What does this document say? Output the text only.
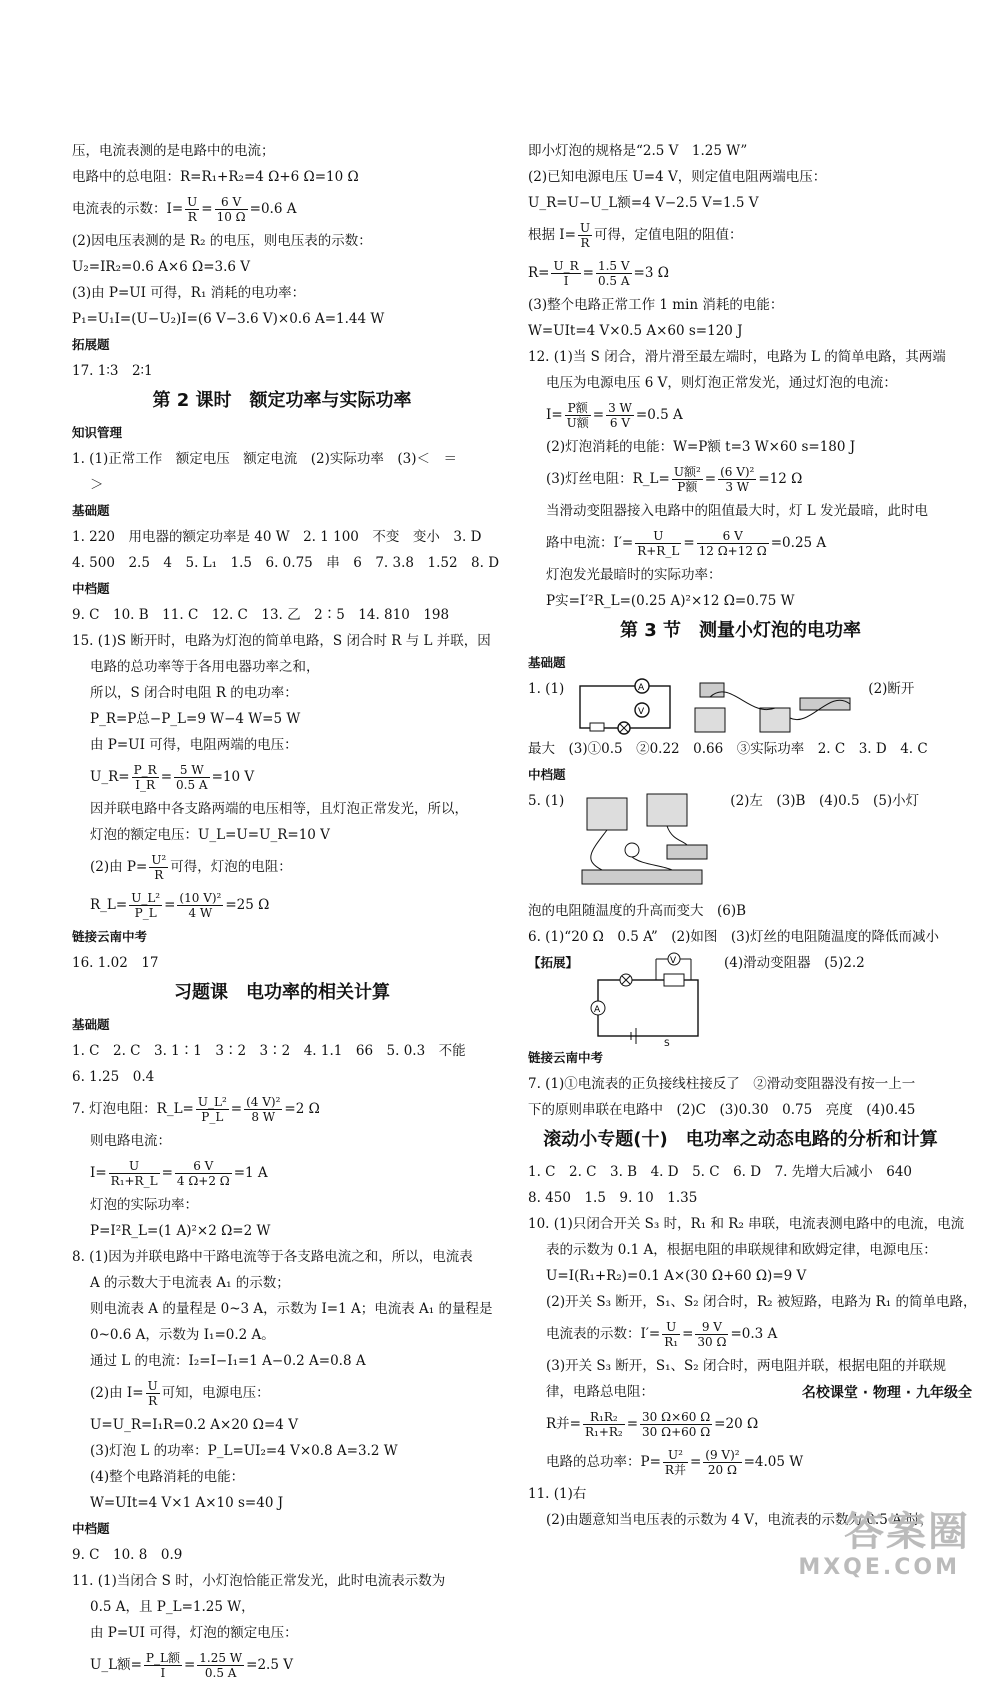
压，电流表测的是电路中的电流；
电路中的总电阻：R=R₁+R₂=4 Ω+6 Ω=10 Ω
电流表的示数：$I= \frac{U}{R} = \frac{6 V}{10 \Omega} =0.6$ A
(2)因电压表测的是 R₂ 的电压，则电压表的示数：
U₂=IR₂=0.6 A×6 Ω=3.6 V
(3)由 P=UI 可得，R₁ 消耗的电功率：
P₁=U₁I=(U−U₂)I=(6 V−3.6 V)×0.6 A=1.44 W
拓展题
17. 1∶3　2∶1
第 2 课时　额定功率与实际功率
知识管理
1. (1)正常工作　额定电压　额定电流　(2)实际功率　(3)＜　＝
＞
基础题
1. 220　用电器的额定功率是 40 W　2. 1 100　不变　变小　3. D
4. 500　2.5　4　5. L₁　1.5　6. 0.75　串　6　7. 3.8　1.52　8. D
中档题
9. C　10. B　11. C　12. C　13. 乙　2∶5　14. 810　198
15. (1)S 断开时，电路为灯泡的简单电路，S 闭合时 R 与 L 并联，因
电路的总功率等于各用电器功率之和，
所以，S 闭合时电阻 R 的电功率：
P_R=P总−P_L=9 W−4 W=5 W
由 P=UI 可得，电阻两端的电压：
U_R= $\frac{P\_R}{I\_R} = \frac{5 W}{0.5 A} =10$ V
因并联电路中各支路两端的电压相等，且灯泡正常发光，所以，
灯泡的额定电压：U_L=U=U_R=10 V
(2)由 $P= \frac{\text{U²}}{R}$ 可得，灯泡的电阻：
R_L= $\frac{\text{U\_L²}}{P\_L} = \frac{\text{(10 V)²}}{4 W} =25$ Ω
链接云南中考
16. 1.02　17
习题课　电功率的相关计算
基础题
1. C　2. C　3. 1∶1　3∶2　3∶2　4. 1.1　66　5. 0.3　不能
6. 1.25　0.4
7. 灯泡电阻：R_L= $\frac{\text{U\_L²}}{P\_L} = \frac{\text{(4 V)²}}{8 W} =2$ Ω
则电路电流：
$I= \frac{U}{\text{R₁+R\_L}} = \frac{6 V}{4 \Omega+2 \Omega} =1$ A
灯泡的实际功率：
P=I²R_L=(1 A)²×2 Ω=2 W
8. (1)因为并联电路中干路电流等于各支路电流之和，所以，电流表
A 的示数大于电流表 A₁ 的示数；
则电流表 A 的量程是 0~3 A，示数为 I=1 A；电流表 A₁ 的量程是
0~0.6 A，示数为 I₁=0.2 A。
通过 L 的电流：I₂=I−I₁=1 A−0.2 A=0.8 A
(2)由 $I= \frac{U}{R}$ 可知，电源电压：
U=U_R=I₁R=0.2 A×20 Ω=4 V
(3)灯泡 L 的功率：P_L=UI₂=4 V×0.8 A=3.2 W
(4)整个电路消耗的电能：
W=UIt=4 V×1 A×10 s=40 J
中档题
9. C　10. 8　0.9
11. (1)当闭合 S 时，小灯泡恰能正常发光，此时电流表示数为
0.5 A，且 P_L=1.25 W，
由 P=UI 可得，灯泡的额定电压：
U_L额= $\frac{\text{P\_L额}}{I} = \frac{1.25 W}{0.5 A} =2.5$ V
即小灯泡的规格是“2.5 V　1.25 W”
(2)已知电源电压 U=4 V，则定值电阻两端电压：
U_R=U−U_L额=4 V−2.5 V=1.5 V
根据 $I= \frac{U}{R}$ 可得，定值电阻的阻值：
$R= \frac{U\_R}{I} = \frac{1.5 V}{0.5 A} =3$ Ω
(3)整个电路正常工作 1 min 消耗的电能：
W=UIt=4 V×0.5 A×60 s=120 J
12. (1)当 S 闭合，滑片滑至最左端时，电路为 L 的简单电路，其两端
电压为电源电压 6 V，则灯泡正常发光，通过灯泡的电流：
$I= \frac{\text{P额}}{\text{U额}} = \frac{3 W}{6 V} =0.5$ A
(2)灯泡消耗的电能：W=P额 t=3 W×60 s=180 J
(3)灯丝电阻：R_L= $\frac{\text{U额²}}{\text{P额}} = \frac{\text{(6 V)²}}{3 W} =12$ Ω
当滑动变阻器接入电路中的阻值最大时，灯 L 发光最暗，此时电
路中电流：$I'= \frac{U}{R+R\_L} = \frac{6 V}{12 \Omega+12 \Omega} =0.25$ A
灯泡发光最暗时的实际功率：
P实=I′²R_L=(0.25 A)²×12 Ω=0.75 W
第 3 节　测量小灯泡的电功率
基础题
1. (1)	A
V
(2)断开
最大　(3)①0.5　②0.22　0.66　③实际功率　2. C　3. D　4. C
中档题
5. (1)	(2)左　(3)B　(4)0.5　(5)小灯
泡的电阻随温度的升高而变大　(6)B
6. (1)“20 Ω　0.5 A”　(2)如图　(3)灯丝的电阻随温度的降低而减小
【拓展】
A
V
S
(4)滑动变阻器　(5)2.2
链接云南中考
7. (1)①电流表的正负接线柱接反了　②滑动变阻器没有按一上一
下的原则串联在电路中　(2)C　(3)0.30　0.75　亮度　(4)0.45
滚动小专题(十)　电功率之动态电路的分析和计算
1. C　2. C　3. B　4. D　5. C　6. D　7. 先增大后减小　640
8. 450　1.5　9. 10　1.35
10. (1)只闭合开关 S₃ 时，R₁ 和 R₂ 串联，电流表测电路中的电流，电流
表的示数为 0.1 A，根据电阻的串联规律和欧姆定律，电源电压：
U=I(R₁+R₂)=0.1 A×(30 Ω+60 Ω)=9 V
(2)开关 S₃ 断开，S₁、S₂ 闭合时，R₂ 被短路，电路为 R₁ 的简单电路，
电流表的示数：$I'= \frac{U}{\text{R₁}} = \frac{9 V}{30 \Omega} =0.3$ A
(3)开关 S₃ 断开，S₁、S₂ 闭合时，两电阻并联，根据电阻的并联规
律，电路总电阻：
R并= $\frac{\text{R₁R₂}}{\text{R₁+R₂}} = \frac{30 \Omega\times 60 \Omega}{30 \Omega+60 \Omega} =20$ Ω
电路的总功率：$P= \frac{\text{U²}}{\text{R并}} = \frac{\text{(9 V)²}}{20 \Omega} =4.05$ W
11. (1)右
(2)由题意知当电压表的示数为 4 V，电流表的示数为 0.5 A 时，
名校课堂 · 物理 · 九年级全
答案圈
MXQE.COM
